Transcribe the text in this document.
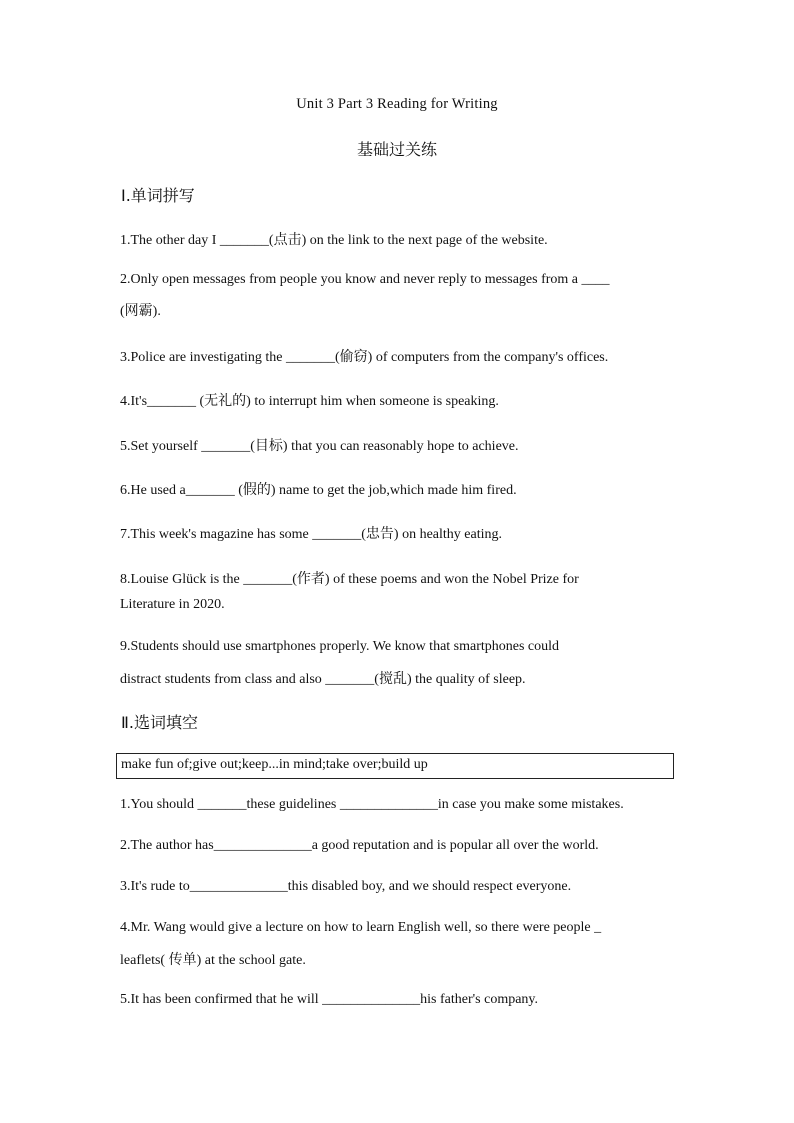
Unit 3 Part 3 Reading for Writing
基础过关练
Ⅰ.单词拼写
1.The other day I _______(点击) on the link to the next page of the website.
2.Only open messages from people you know and never reply to messages from a ____
(网霸).
3.Police are investigating the _______(偷窃) of computers from the company's offices.
4.It's_______ (无礼的) to interrupt him when someone is speaking.
5.Set yourself _______(目标) that you can reasonably hope to achieve.
6.He used a_______ (假的) name to get the job,which made him fired.
7.This week's magazine has some _______(忠告) on healthy eating.
8.Louise Glück is the _______(作者) of these poems and won the Nobel Prize for
Literature in 2020.
9.Students should use smartphones properly. We know that smartphones could
distract students from class and also _______(搅乱) the quality of sleep.
Ⅱ.选词填空
make fun of;give out;keep...in mind;take over;build up
1.You should _______these guidelines ______________in case you make some mistakes.
2.The author has______________a good reputation and is popular all over the world.
3.It's rude to______________this disabled boy, and we should respect everyone.
4.Mr. Wang would give a lecture on how to learn English well, so there were people _
leaflets( 传单) at the school gate.
5.It has been confirmed that he will ______________his father's company.
